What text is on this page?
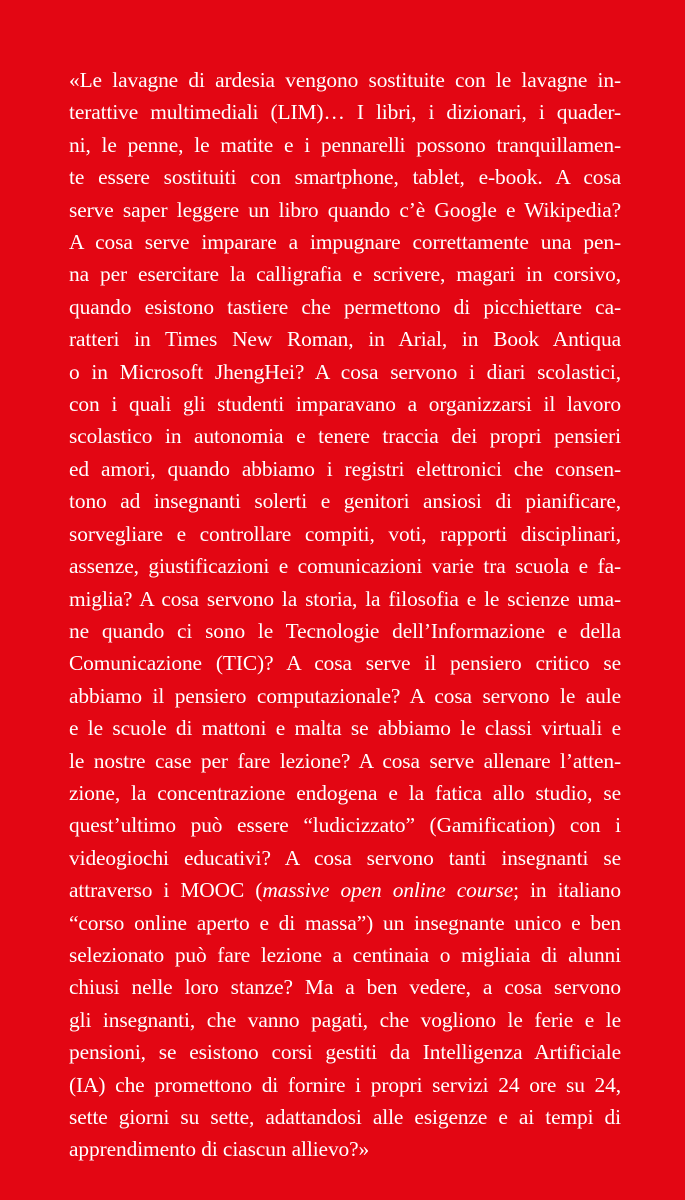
«Le lavagne di ardesia vengono sostituite con le lavagne in-
terattive multimediali (LIM)… I libri, i dizionari, i quader-
ni, le penne, le matite e i pennarelli possono tranquillamen-
te essere sostituiti con smartphone, tablet, e-book. A cosa
serve saper leggere un libro quando c’è Google e Wikipedia?
A cosa serve imparare a impugnare correttamente una pen-
na per esercitare la calligrafia e scrivere, magari in corsivo,
quando esistono tastiere che permettono di picchiettare ca-
ratteri in Times New Roman, in Arial, in Book Antiqua
o in Microsoft JhengHei? A cosa servono i diari scolastici,
con i quali gli studenti imparavano a organizzarsi il lavoro
scolastico in autonomia e tenere traccia dei propri pensieri
ed amori, quando abbiamo i registri elettronici che consen-
tono ad insegnanti solerti e genitori ansiosi di pianificare,
sorvegliare e controllare compiti, voti, rapporti disciplinari,
assenze, giustificazioni e comunicazioni varie tra scuola e fa-
miglia? A cosa servono la storia, la filosofia e le scienze uma-
ne quando ci sono le Tecnologie dell’Informazione e della
Comunicazione (TIC)? A cosa serve il pensiero critico se
abbiamo il pensiero computazionale? A cosa servono le aule
e le scuole di mattoni e malta se abbiamo le classi virtuali e
le nostre case per fare lezione? A cosa serve allenare l’atten-
zione, la concentrazione endogena e la fatica allo studio, se
quest’ultimo può essere “ludicizzato” (Gamification) con i
videogiochi educativi? A cosa servono tanti insegnanti se
attraverso i MOOC (massive open online course; in italiano
“corso online aperto e di massa”) un insegnante unico e ben
selezionato può fare lezione a centinaia o migliaia di alunni
chiusi nelle loro stanze? Ma a ben vedere, a cosa servono
gli insegnanti, che vanno pagati, che vogliono le ferie e le
pensioni, se esistono corsi gestiti da Intelligenza Artificiale
(IA) che promettono di fornire i propri servizi 24 ore su 24,
sette giorni su sette, adattandosi alle esigenze e ai tempi di
apprendimento di ciascun allievo?»
